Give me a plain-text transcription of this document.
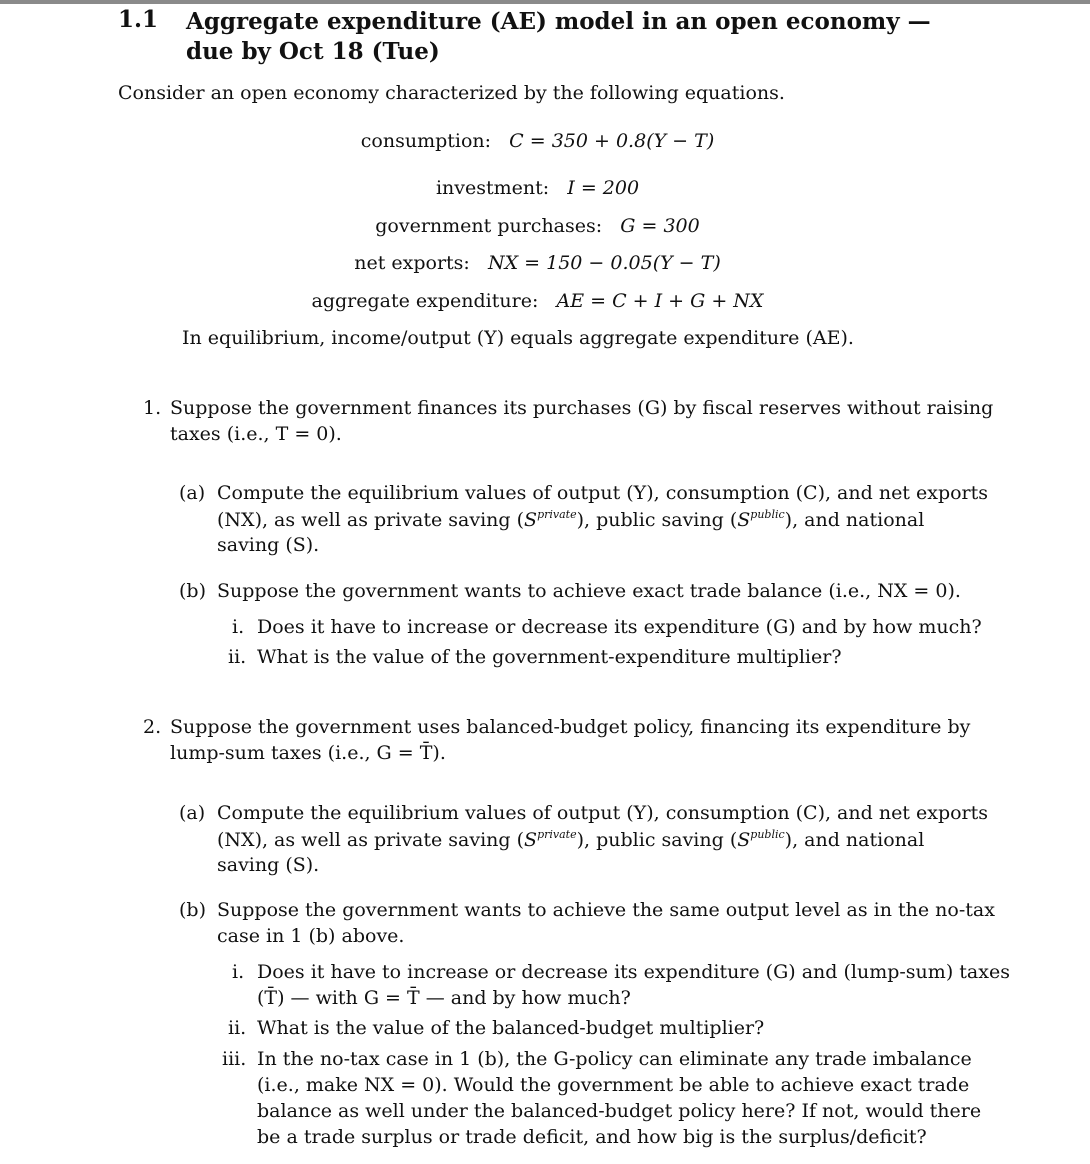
1.1 Aggregate expenditure (AE) model in an open economy —
due by Oct 18 (Tue)
Consider an open economy characterized by the following equations.
consumption: C = 350 + 0.8(Y − T)
investment: I = 200
government purchases: G = 300
net exports: NX = 150 − 0.05(Y − T)
aggregate expenditure: AE = C + I + G + NX
In equilibrium, income/output (Y) equals aggregate expenditure (AE).
1. Suppose the government finances its purchases (G) by fiscal reserves without raising
taxes (i.e., T = 0).
(a) Compute the equilibrium values of output (Y), consumption (C), and net exports
(NX), as well as private saving $(S^{private})$, public saving $(S^{public})$, and national
saving (S).
(b) Suppose the government wants to achieve exact trade balance (i.e., NX = 0).
i. Does it have to increase or decrease its expenditure (G) and by how much?
ii. What is the value of the government-expenditure multiplier?
2. Suppose the government uses balanced-budget policy, financing its expenditure by
lump-sum taxes (i.e., G = T̄).
(a) Compute the equilibrium values of output (Y), consumption (C), and net exports
(NX), as well as private saving $(S^{private})$, public saving $(S^{public})$, and national
saving (S).
(b) Suppose the government wants to achieve the same output level as in the no-tax
case in 1 (b) above.
i. Does it have to increase or decrease its expenditure (G) and (lump-sum) taxes
(T̄) — with G = T̄ — and by how much?
ii. What is the value of the balanced-budget multiplier?
iii. In the no-tax case in 1 (b), the G-policy can eliminate any trade imbalance
(i.e., make NX = 0). Would the government be able to achieve exact trade
balance as well under the balanced-budget policy here? If not, would there
be a trade surplus or trade deficit, and how big is the surplus/deficit?
